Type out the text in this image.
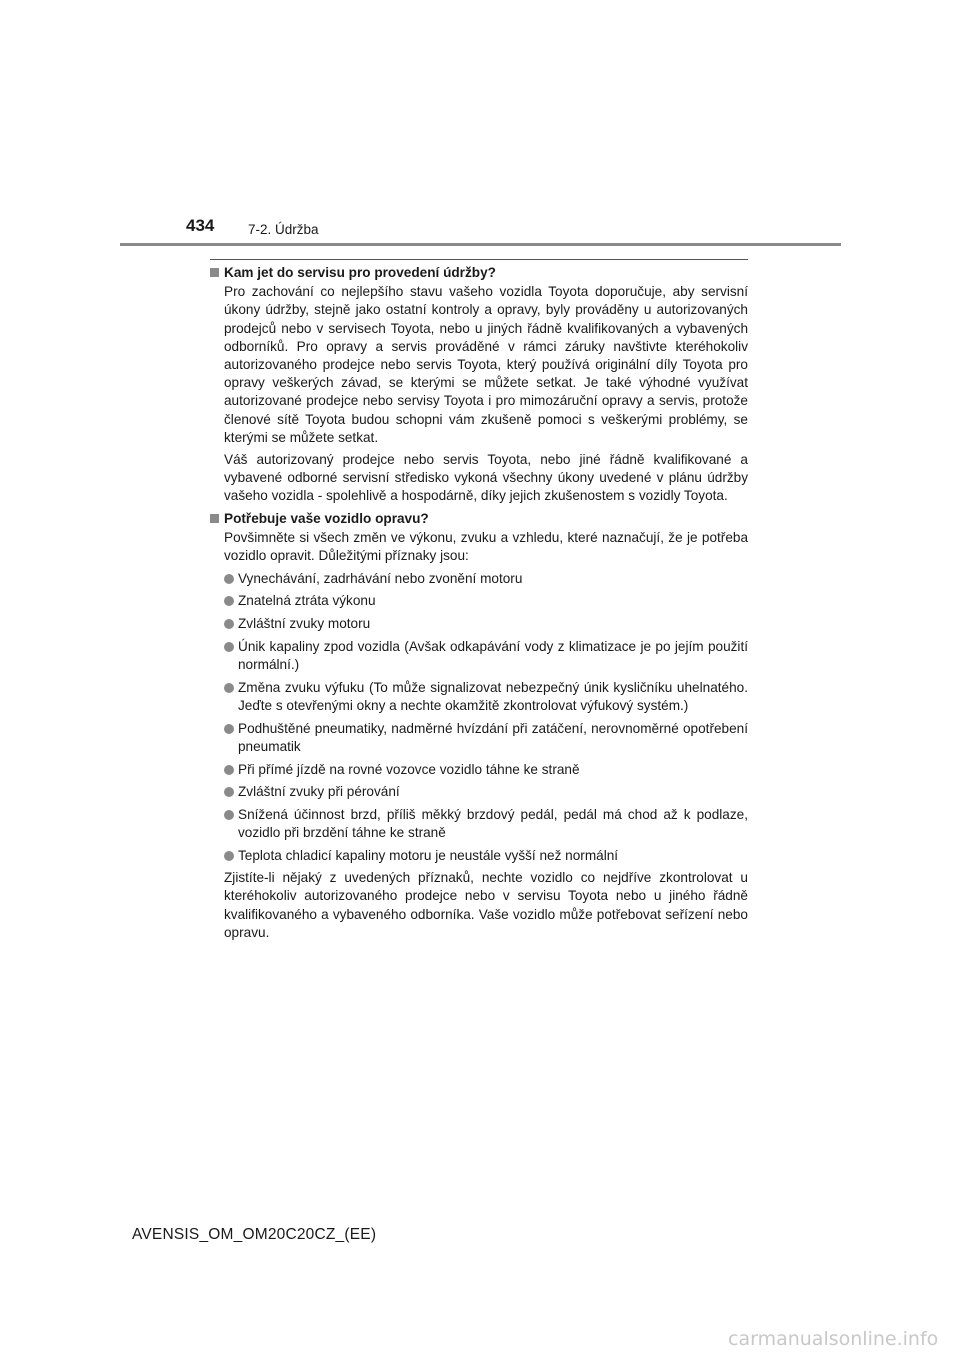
434 7-2. Údržba

Kam jet do servisu pro provedení údržby?

Pro zachování co nejlepšího stavu vašeho vozidla Toyota doporučuje, aby servisní úkony údržby, stejně jako ostatní kontroly a opravy, byly prováděny u autorizovaných prodejců nebo v servisech Toyota, nebo u jiných řádně kvalifikovaných a vybavených odborníků. Pro opravy a servis prováděné v rámci záruky navštivte kteréhokoliv autorizovaného prodejce nebo servis Toyota, který používá originální díly Toyota pro opravy veškerých závad, se kterými se můžete setkat. Je také výhodné využívat autorizované prodejce nebo servisy Toyota i pro mimozáruční opravy a servis, protože členové sítě Toyota budou schopni vám zkušeně pomoci s veškerými problémy, se kterými se můžete setkat.

Váš autorizovaný prodejce nebo servis Toyota, nebo jiné řádně kvalifikované a vybavené odborné servisní středisko vykoná všechny úkony uvedené v plánu údržby vašeho vozidla - spolehlivě a hospodárně, díky jejich zkušenostem s vozidly Toyota.

Potřebuje vaše vozidlo opravu?

Povšimněte si všech změn ve výkonu, zvuku a vzhledu, které naznačují, že je potřeba vozidlo opravit. Důležitými příznaky jsou:

Vynechávání, zadrhávání nebo zvonění motoru
Znatelná ztráta výkonu
Zvláštní zvuky motoru
Únik kapaliny zpod vozidla (Avšak odkapávání vody z klimatizace je po jejím použití normální.)
Změna zvuku výfuku (To může signalizovat nebezpečný únik kysličníku uhelnatého. Jeďte s otevřenými okny a nechte okamžitě zkontrolovat výfukový systém.)
Podhuštěné pneumatiky, nadměrné hvízdání při zatáčení, nerovnoměrné opotřebení pneumatik
Při přímé jízdě na rovné vozovce vozidlo táhne ke straně
Zvláštní zvuky při pérování
Snížená účinnost brzd, příliš měkký brzdový pedál, pedál má chod až k podlaze, vozidlo při brzdění táhne ke straně
Teplota chladicí kapaliny motoru je neustále vyšší než normální

Zjistíte-li nějaký z uvedených příznaků, nechte vozidlo co nejdříve zkontrolovat u kteréhokoliv autorizovaného prodejce nebo v servisu Toyota nebo u jiného řádně kvalifikovaného a vybaveného odborníka. Vaše vozidlo může potřebovat seřízení nebo opravu.

AVENSIS_OM_OM20C20CZ_(EE)
carmanualsonline.info
